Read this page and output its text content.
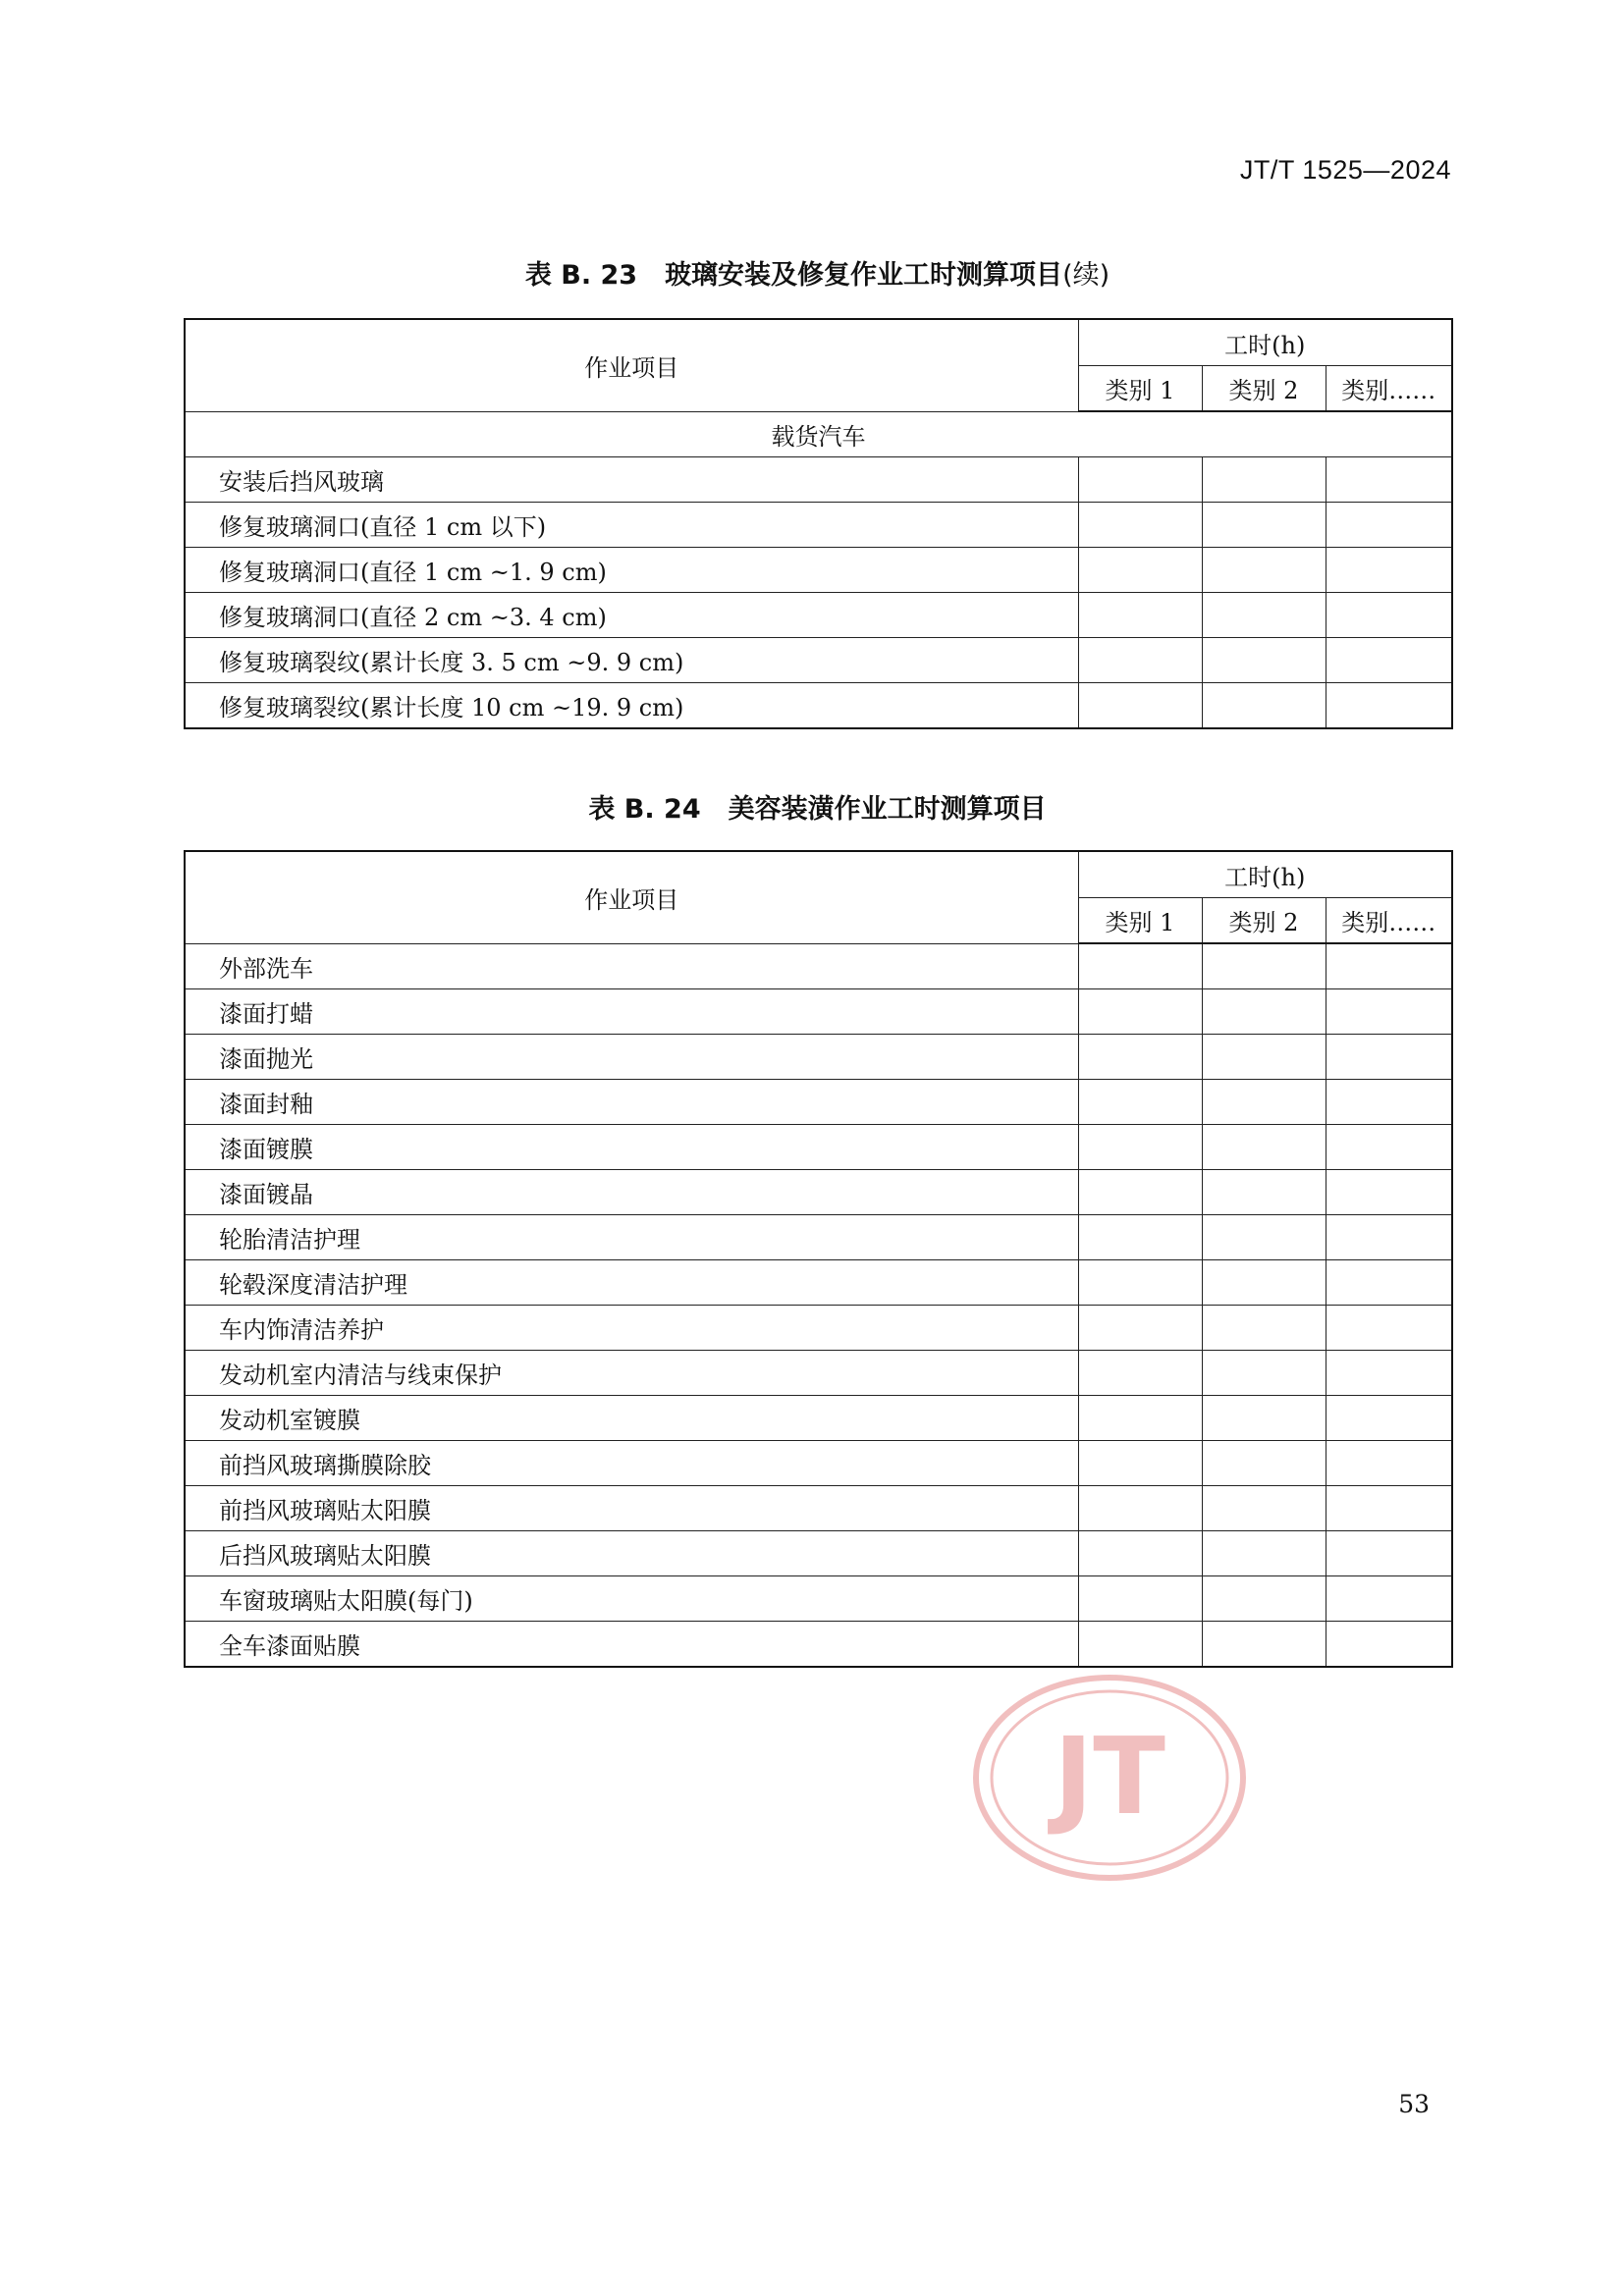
JT/T 1525—2024
表 B. 23 玻璃安装及修复作业工时测算项目(续)
作业项目	工时(h)		
	类别 1	类别 2	类别……
载货汽车			
安装后挡风玻璃			
修复玻璃洞口(直径 1 cm 以下)			
修复玻璃洞口(直径 1 cm ~1. 9 cm)			
修复玻璃洞口(直径 2 cm ~3. 4 cm)			
修复玻璃裂纹(累计长度 3. 5 cm ~9. 9 cm)			
修复玻璃裂纹(累计长度 10 cm ~19. 9 cm)			
表 B. 24 美容装潢作业工时测算项目
作业项目	工时(h)		
	类别 1	类别 2	类别……
外部洗车			
漆面打蜡			
漆面抛光			
漆面封釉			
漆面镀膜			
漆面镀晶			
轮胎清洁护理			
轮毂深度清洁护理			
车内饰清洁养护			
发动机室内清洁与线束保护			
发动机室镀膜			
前挡风玻璃撕膜除胶			
前挡风玻璃贴太阳膜			
后挡风玻璃贴太阳膜			
车窗玻璃贴太阳膜(每门)			
全车漆面贴膜			
JT
53
